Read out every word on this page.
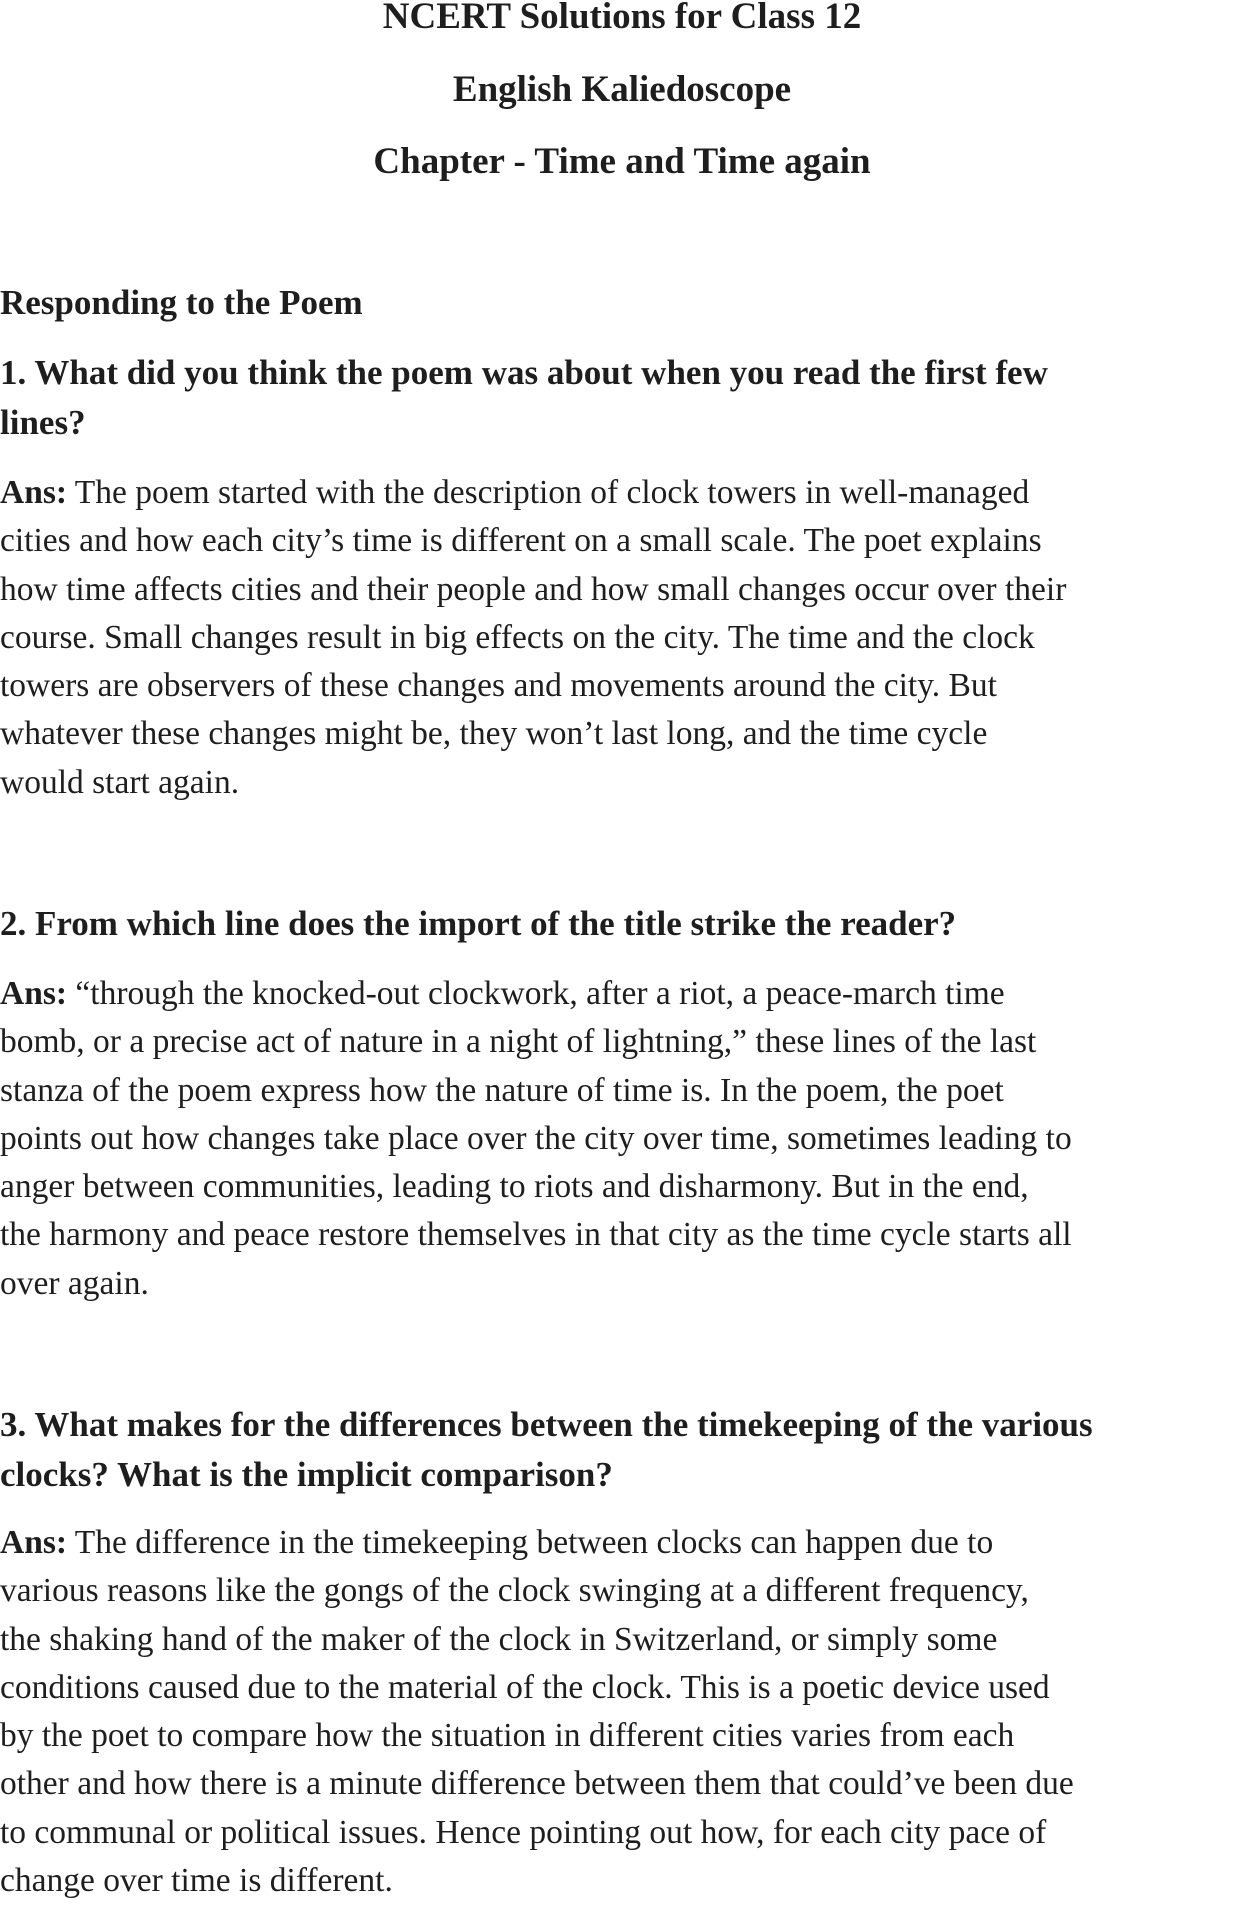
NCERT Solutions for Class 12
English Kaliedoscope
Chapter - Time and Time again
Responding to the Poem
1. What did you think the poem was about when you read the first few
lines?
Ans: The poem started with the description of clock towers in well-managed
cities and how each city’s time is different on a small scale. The poet explains
how time affects cities and their people and how small changes occur over their
course. Small changes result in big effects on the city. The time and the clock
towers are observers of these changes and movements around the city. But
whatever these changes might be, they won’t last long, and the time cycle
would start again.
2. From which line does the import of the title strike the reader?
Ans: “through the knocked-out clockwork, after a riot, a peace-march time
bomb, or a precise act of nature in a night of lightning,” these lines of the last
stanza of the poem express how the nature of time is. In the poem, the poet
points out how changes take place over the city over time, sometimes leading to
anger between communities, leading to riots and disharmony. But in the end,
the harmony and peace restore themselves in that city as the time cycle starts all
over again.
3. What makes for the differences between the timekeeping of the various
clocks? What is the implicit comparison?
Ans: The difference in the timekeeping between clocks can happen due to
various reasons like the gongs of the clock swinging at a different frequency,
the shaking hand of the maker of the clock in Switzerland, or simply some
conditions caused due to the material of the clock. This is a poetic device used
by the poet to compare how the situation in different cities varies from each
other and how there is a minute difference between them that could’ve been due
to communal or political issues. Hence pointing out how, for each city pace of
change over time is different.
